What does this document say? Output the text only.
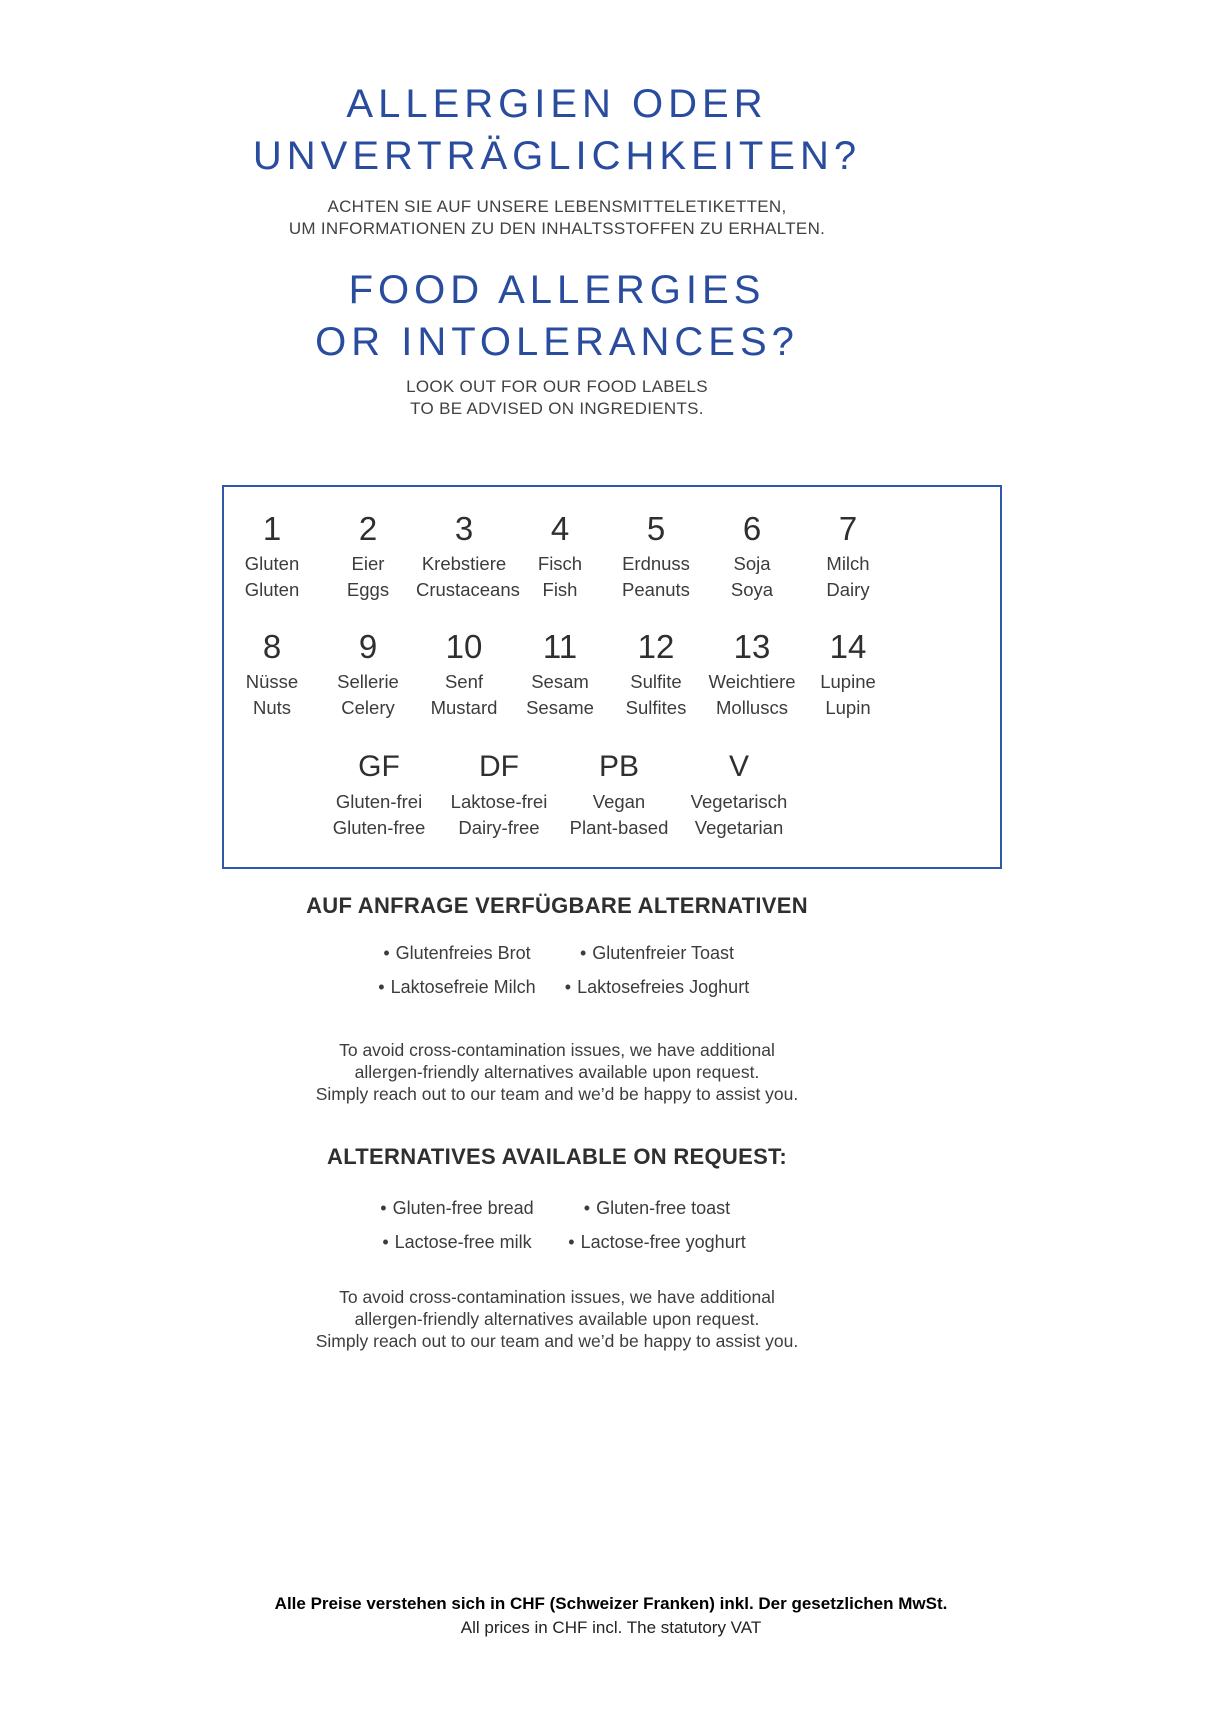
ALLERGIEN ODER
UNVERTRÄGLICHKEITEN?
ACHTEN SIE AUF UNSERE LEBENSMITTELETIKETTEN,
UM INFORMATIONEN ZU DEN INHALTSSTOFFEN ZU ERHALTEN.
FOOD ALLERGIES
OR INTOLERANCES?
LOOK OUT FOR OUR FOOD LABELS
TO BE ADVISED ON INGREDIENTS.
1
Gluten
Gluten
2
Eier
Eggs
3
Krebstiere
Crustaceans
4
Fisch
Fish
5
Erdnuss
Peanuts
6
Soja
Soya
7
Milch
Dairy
8
Nüsse
Nuts
9
Sellerie
Celery
10
Senf
Mustard
11
Sesam
Sesame
12
Sulfite
Sulfites
13
Weichtiere
Molluscs
14
Lupine
Lupin
GF
Gluten-frei
Gluten-free
DF
Laktose-frei
Dairy-free
PB
Vegan
Plant-based
V
Vegetarisch
Vegetarian
AUF ANFRAGE VERFÜGBARE ALTERNATIVEN
• Glutenfreies Brot	• Glutenfreier Toast
• Laktosefreie Milch	• Laktosefreies Joghurt
To avoid cross-contamination issues, we have additional
allergen-friendly alternatives available upon request.
Simply reach out to our team and we’d be happy to assist you.
ALTERNATIVES AVAILABLE ON REQUEST:
• Gluten-free bread	• Gluten-free toast
• Lactose-free milk	• Lactose-free yoghurt
To avoid cross-contamination issues, we have additional
allergen-friendly alternatives available upon request.
Simply reach out to our team and we’d be happy to assist you.
Alle Preise verstehen sich in CHF (Schweizer Franken) inkl. Der gesetzlichen MwSt.
All prices in CHF incl. The statutory VAT
